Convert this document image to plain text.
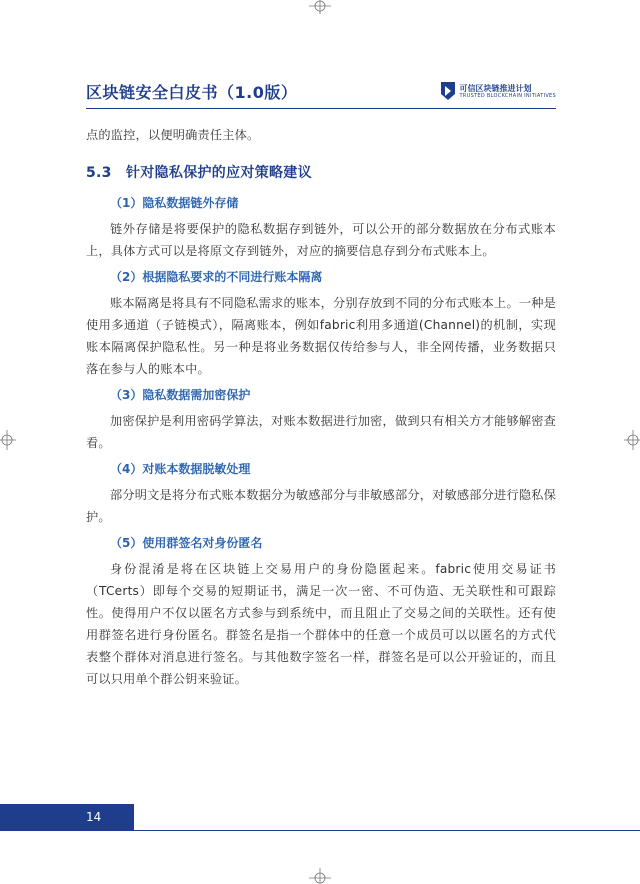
区块链安全白皮书（1.0版）	可信区块链推进计划
TRUSTED BLOCKCHAIN INITIATIVES

点的监控，以便明确责任主体。

5.3 针对隐私保护的应对策略建议
（1）隐私数据链外存储

链外存储是将要保护的隐私数据存到链外，可以公开的部分数据放在分布式账本上，具体方式可以是将原文存到链外，对应的摘要信息存到分布式账本上。

（2）根据隐私要求的不同进行账本隔离

账本隔离是将具有不同隐私需求的账本，分别存放到不同的分布式账本上。一种是使用多通道（子链模式），隔离账本，例如fabric利用多通道(Channel)的机制，实现账本隔离保护隐私性。另一种是将业务数据仅传给参与人，非全网传播，业务数据只落在参与人的账本中。

（3）隐私数据需加密保护

加密保护是利用密码学算法，对账本数据进行加密，做到只有相关方才能够解密查看。

（4）对账本数据脱敏处理

部分明文是将分布式账本数据分为敏感部分与非敏感部分，对敏感部分进行隐私保护。

（5）使用群签名对身份匿名

身份混淆是将在区块链上交易用户的身份隐匿起来。fabric使用交易证书（TCerts）即每个交易的短期证书，满足一次一密、不可伪造、无关联性和可跟踪性。使得用户不仅以匿名方式参与到系统中，而且阻止了交易之间的关联性。还有使用群签名进行身份匿名。群签名是指一个群体中的任意一个成员可以以匿名的方式代表整个群体对消息进行签名。与其他数字签名一样，群签名是可以公开验证的，而且可以只用单个群公钥来验证。

14
